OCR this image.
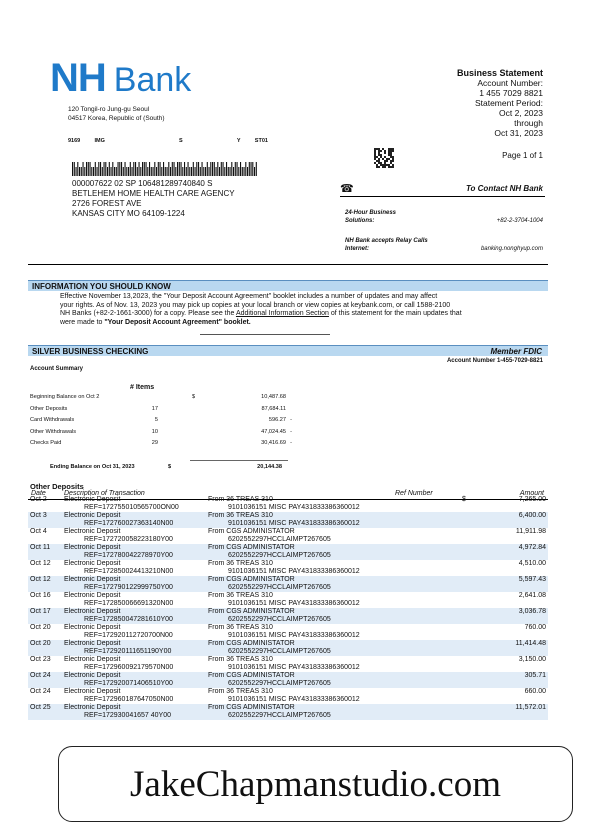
NH Bank	Business Statement
Account Number:
1 455 7029 8821
Statement Period:
Oct 2, 2023
through
Oct 31, 2023
120 Tongil-ro Jung-gu Seoul
04517 Korea, Republic of (South)
9169	IMG	S	Y	ST01
Page 1 of 1
000007622 02 SP 106481289740840 S
BETLEHEM HOME HEALTH CARE AGENCY
2726 FOREST AVE
KANSAS CITY MO 64109-1224
☎	To Contact NH Bank
24-Hour Business
Solutions:	+82-2-3704-1004
NH Bank accepts Relay Calls
Internet:	banking.nonghyup.com
INFORMATION YOU SHOULD KNOW
Effective November 13,2023, the "Your Deposit Account Agreement" booklet includes a number of updates and may affect
your rights. As of Nov. 13, 2023 you may pick up copies at your local branch or view copies at keybank.com, or call 1588-2100
NH Banks (+82-2-1661-3000) for a copy. Please see the Additional Information Section of this statement for the main updates that
were made to "Your Deposit Account Agreement" booklet.
SILVER BUSINESS CHECKING	Member FDIC
Account Number 1-455-7029-8821
Account Summary
# Items
Beginning Balance on Oct 2	$	10,487.68
Other Deposits	17	87,684.11
Card Withdrawals	5	596.27 -
Other Withdrawals	10	47,024.45 -
Checks Paid	29	30,416.69 -
Ending Balance on Oct 31, 2023	$	20,144.38
Other Deposits
Date	Description of Transaction	Ref Number	Amount
Oct 2	Electronic Deposit	From 36 TREAS 310	$	7,265.00
	REF=172755010565700ON00	9101036151 MISC PAY431833386360012		
Oct 3	Electronic Deposit	From 36 TREAS 310		6,400.00
	REF=172760027363140N00	9101036151 MISC PAY431833386360012		
Oct 4	Electronic Deposit	From CGS ADMINISTATOR		11,911.98
	REF=172720058223180Y00	6202552297HCCLAIMPT267605		
Oct 11	Electronic Deposit	From CGS ADMINISTATOR		4,972.84
	REF=172780042278970Y00	6202552297HCCLAIMPT267605		
Oct 12	Electronic Deposit	From 36 TREAS 310		4,510.00
	REF=172850024413210N00	9101036151 MISC PAY431833386360012		
Oct 12	Electronic Deposit	From CGS ADMINISTATOR		5,597.43
	REF=172790122999750Y00	6202552297HCCLAIMPT267605		
Oct 16	Electronic Deposit	From 36 TREAS 310		2,641.08
	REF=172850066691320N00	9101036151 MISC PAY431833386360012		
Oct 17	Electronic Deposit	From CGS ADMINISTATOR		3,036.78
	REF=172850047281610Y00	6202552297HCCLAIMPT267605		
Oct 20	Electronic Deposit	From 36 TREAS 310		760.00
	REF=172920112720700N00	9101036151 MISC PAY431833386360012		
Oct 20	Electronic Deposit	From CGS ADMINISTATOR		11,414.48
	REF=172920111651190Y00	6202552297HCCLAIMPT267605		
Oct 23	Electronic Deposit	From 36 TREAS 310		3,150.00
	REF=172960092179570N00	9101036151 MISC PAY431833386360012		
Oct 24	Electronic Deposit	From CGS ADMINISTATOR		305.71
	REF=172920071406510Y00	6202552297HCCLAIMPT267605		
Oct 24	Electronic Deposit	From 36 TREAS 310		660.00
	REF=172960187647050N00	9101036151 MISC PAY431833386360012		
Oct 25	Electronic Deposit	From CGS ADMINISTATOR		11,572.01
	REF=172930041657 40Y00	6202552297HCCLAIMPT267605		
JakeChapmanstudio.com
